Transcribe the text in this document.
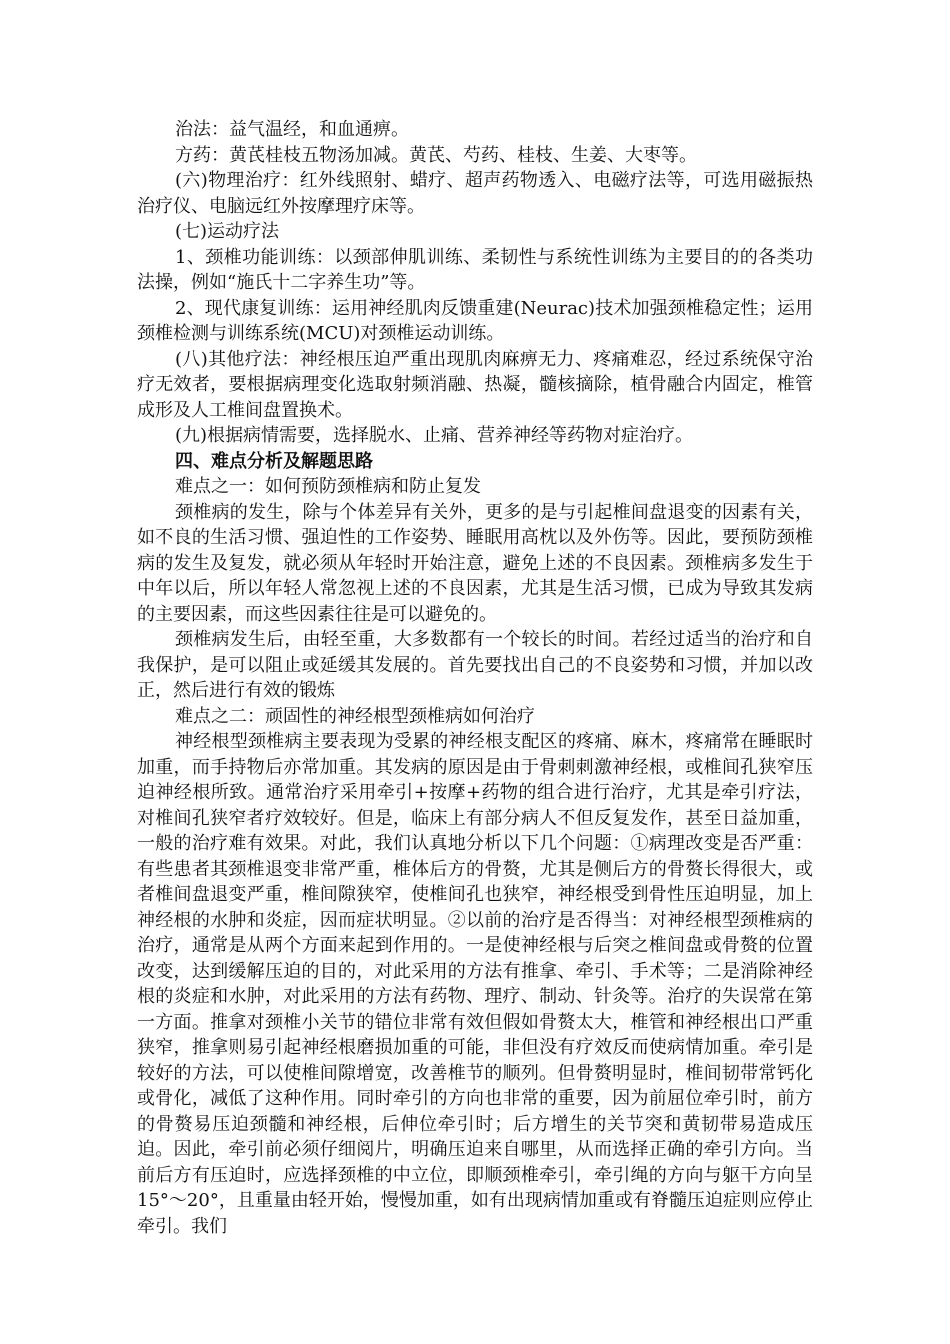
治法：益气温经，和血通痹。

方药：黄芪桂枝五物汤加减。黄芪、芍药、桂枝、生姜、大枣等。

(六)物理治疗：红外线照射、蜡疗、超声药物透入、电磁疗法等，可选用磁振热治疗仪、电脑远红外按摩理疗床等。

(七)运动疗法

1、颈椎功能训练：以颈部伸肌训练、柔韧性与系统性训练为主要目的的各类功法操，例如“施氏十二字养生功”等。

2、现代康复训练：运用神经肌肉反馈重建(Neurac)技术加强颈椎稳定性；运用颈椎检测与训练系统(MCU)对颈椎运动训练。

(八)其他疗法：神经根压迫严重出现肌肉麻痹无力、疼痛难忍，经过系统保守治疗无效者，要根据病理变化选取射频消融、热凝，髓核摘除，植骨融合内固定，椎管成形及人工椎间盘置换术。

(九)根据病情需要，选择脱水、止痛、营养神经等药物对症治疗。

四、难点分析及解题思路

难点之一：如何预防颈椎病和防止复发

颈椎病的发生，除与个体差异有关外，更多的是与引起椎间盘退变的因素有关，如不良的生活习惯、强迫性的工作姿势、睡眠用高枕以及外伤等。因此，要预防颈椎病的发生及复发，就必须从年轻时开始注意，避免上述的不良因素。颈椎病多发生于中年以后，所以年轻人常忽视上述的不良因素，尤其是生活习惯，已成为导致其发病的主要因素，而这些因素往往是可以避免的。

颈椎病发生后，由轻至重，大多数都有一个较长的时间。若经过适当的治疗和自我保护，是可以阻止或延缓其发展的。首先要找出自己的不良姿势和习惯，并加以改正，然后进行有效的锻炼

难点之二：顽固性的神经根型颈椎病如何治疗

神经根型颈椎病主要表现为受累的神经根支配区的疼痛、麻木，疼痛常在睡眠时加重，而手持物后亦常加重。其发病的原因是由于骨刺刺激神经根，或椎间孔狭窄压迫神经根所致。通常治疗采用牵引+按摩+药物的组合进行治疗，尤其是牵引疗法，对椎间孔狭窄者疗效较好。但是，临床上有部分病人不但反复发作，甚至日益加重，一般的治疗难有效果。对此，我们认真地分析以下几个问题：①病理改变是否严重：有些患者其颈椎退变非常严重，椎体后方的骨赘，尤其是侧后方的骨赘长得很大，或者椎间盘退变严重，椎间隙狭窄，使椎间孔也狭窄，神经根受到骨性压迫明显，加上神经根的水肿和炎症，因而症状明显。②以前的治疗是否得当：对神经根型颈椎病的治疗，通常是从两个方面来起到作用的。一是使神经根与后突之椎间盘或骨赘的位置改变，达到缓解压迫的目的，对此采用的方法有推拿、牵引、手术等；二是消除神经根的炎症和水肿，对此采用的方法有药物、理疗、制动、针灸等。治疗的失误常在第一方面。推拿对颈椎小关节的错位非常有效但假如骨赘太大，椎管和神经根出口严重狭窄，推拿则易引起神经根磨损加重的可能，非但没有疗效反而使病情加重。牵引是较好的方法，可以使椎间隙增宽，改善椎节的顺列。但骨赘明显时，椎间韧带常钙化或骨化，减低了这种作用。同时牵引的方向也非常的重要，因为前屈位牵引时，前方的骨赘易压迫颈髓和神经根，后伸位牵引时；后方增生的关节突和黄韧带易造成压迫。因此，牵引前必须仔细阅片，明确压迫来自哪里，从而选择正确的牵引方向。当前后方有压迫时，应选择颈椎的中立位，即顺颈椎牵引，牵引绳的方向与躯干方向呈15°～20°，且重量由轻开始，慢慢加重，如有出现病情加重或有脊髓压迫症则应停止牵引。我们
